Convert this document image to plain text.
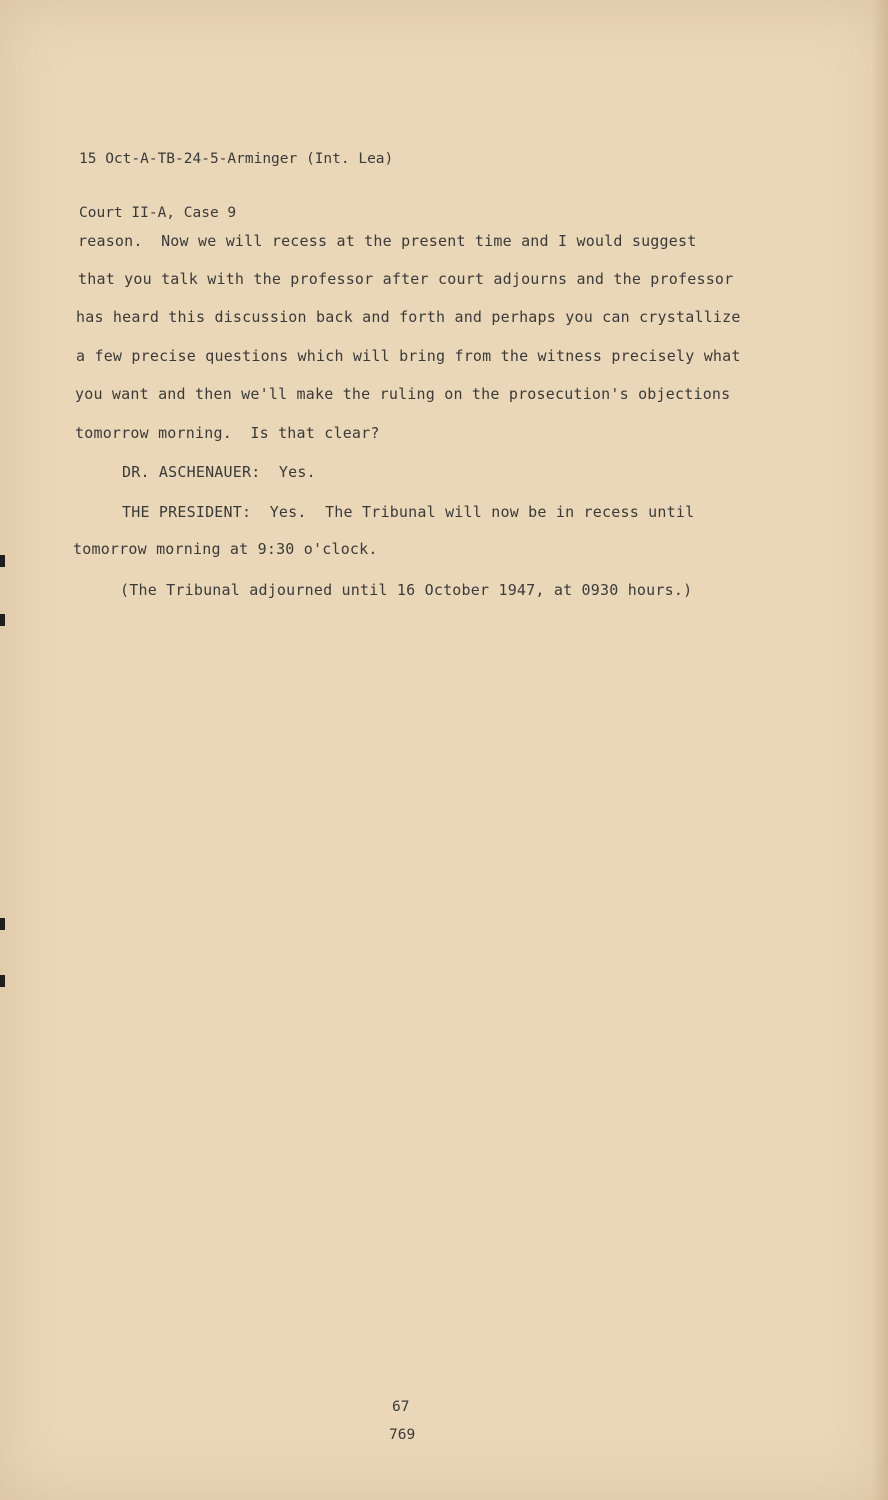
15 Oct-A-TB-24-5-Arminger (Int. Lea)

Court II-A, Case 9

reason.  Now we will recess at the present time and I would suggest
that you talk with the professor after court adjourns and the professor
has heard this discussion back and forth and perhaps you can crystallize
a few precise questions which will bring from the witness precisely what
you want and then we'll make the ruling on the prosecution's objections
tomorrow morning.  Is that clear?
DR. ASCHENAUER:  Yes.
THE PRESIDENT:  Yes.  The Tribunal will now be in recess until
tomorrow morning at 9:30 o'clock.
(The Tribunal adjourned until 16 October 1947, at 0930 hours.)
67
769
